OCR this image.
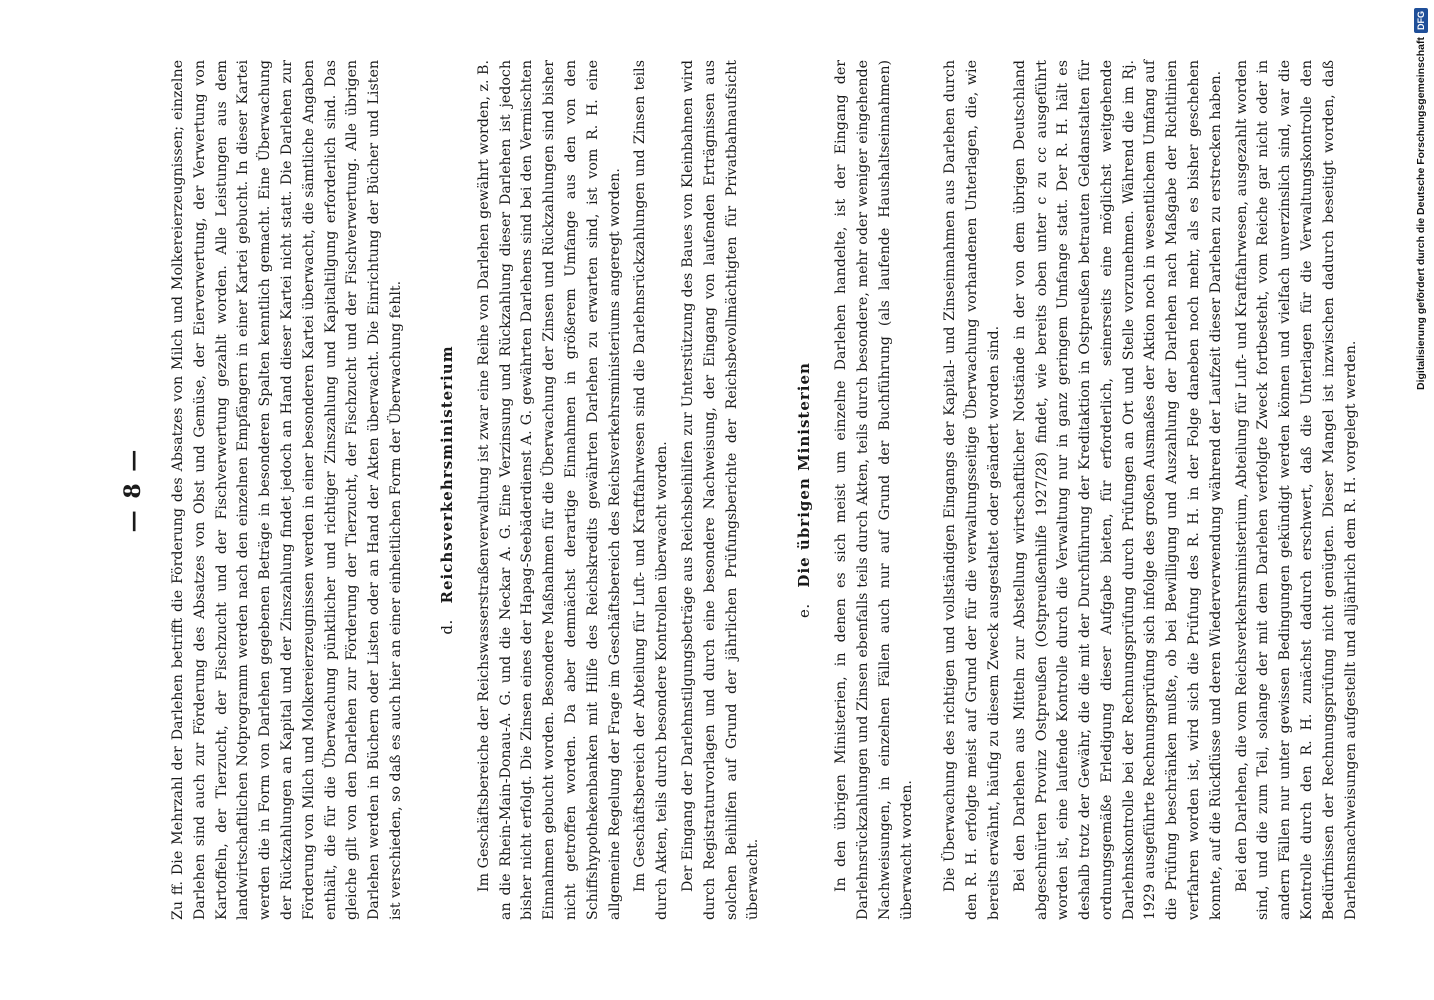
— 8 — Zu ff. Die Mehrzahl der Darlehen betrifft die Förderung des Absatzes von Milch und Molkereierzeugnissen; einzelne Darlehen sind auch zur Förderung des Absatzes von Obst und Gemüse, der Eierverwertung, der Verwertung von Kartoffeln, der Tierzucht, der Fischzucht und der Fischverwertung gezahlt worden. Alle Leistungen aus dem landwirtschaftlichen Notprogramm werden nach den einzelnen Empfängern in einer Kartei gebucht. In dieser Kartei werden die in Form von Darlehen gegebenen Beträge in besonderen Spalten kenntlich gemacht. Eine Überwachung der Rückzahlungen an Kapital und der Zinszahlung findet jedoch an Hand dieser Kartei nicht statt. Die Darlehen zur Förderung von Milch und Molkereierzeugnissen werden in einer besonderen Kartei überwacht, die sämtliche Angaben enthält, die für die Überwachung pünktlicher und richtiger Zinszahlung und Kapitaltilgung erforderlich sind. Das gleiche gilt von den Darlehen zur Förderung der Tierzucht, der Fischzucht und der Fischverwertung. Alle übrigen Darlehen werden in Büchern oder Listen oder an Hand der Akten überwacht. Die Einrichtung der Bücher und Listen ist verschieden, so daß es auch hier an einer einheitlichen Form der Überwachung fehlt. d. Reichsverkehrsministerium Im Geschäftsbereiche der Reichswasserstraßenverwaltung ist zwar eine Reihe von Darlehen gewährt worden, z. B. an die Rhein-Main-Donau-A. G. und die Neckar A. G. Eine Verzinsung und Rückzahlung dieser Darlehen ist jedoch bisher nicht erfolgt. Die Zinsen eines der Hapag-Seebäderdienst A. G. gewährten Darlehens sind bei den Vermischten Einnahmen gebucht worden. Besondere Maßnahmen für die Überwachung der Zinsen und Rückzahlungen sind bisher nicht getroffen worden. Da aber demnächst derartige Einnahmen in größerem Umfange aus den von den Schiffshypothekenbanken mit Hilfe des Reichskredits gewährten Darlehen zu erwarten sind, ist vom R. H. eine allgemeine Regelung der Frage im Geschäftsbereich des Reichsverkehrsministeriums angeregt worden. Im Geschäftsbereich der Abteilung für Luft- und Kraftfahrwesen sind die Darlehnsrückzahlungen und Zinsen teils durch Akten, teils durch besondere Kontrollen überwacht worden. Der Eingang der Darlehnstilgungsbeträge aus Reichsbeihilfen zur Unterstützung des Baues von Kleinbahnen wird durch Registraturvorlagen und durch eine besondere Nachweisung, der Eingang von laufenden Erträgnissen aus solchen Beihilfen auf Grund der jährlichen Prüfungsberichte der Reichsbevollmächtigten für Privatbahnaufsicht überwacht.

e. Die übrigen Ministerien In den übrigen Ministerien, in denen es sich meist um einzelne Darlehen handelte, ist der Eingang der Darlehnsrückzahlungen und Zinsen ebenfalls teils durch Akten, teils durch besondere, mehr oder weniger eingehende Nachweisungen, in einzelnen Fällen auch nur auf Grund der Buchführung (als laufende Haushaltseinnahmen) überwacht worden. Die Überwachung des richtigen und vollständigen Eingangs der Kapital- und Zinseinnahmen aus Darlehen durch den R. H. erfolgte meist auf Grund der für die verwaltungsseitige Überwachung vorhandenen Unterlagen, die, wie bereits erwähnt, häufig zu diesem Zweck ausgestaltet oder geändert worden sind. Bei den Darlehen aus Mitteln zur Abstellung wirtschaftlicher Notstände in der von dem übrigen Deutschland abgeschnürten Provinz Ostpreußen (Ostpreußenhilfe 1927/28) findet, wie bereits oben unter c zu cc ausgeführt worden ist, eine laufende Kontrolle durch die Verwaltung nur in ganz geringem Umfange statt. Der R. H. hält es deshalb trotz der Gewähr, die die mit der Durchführung der Kreditaktion in Ostpreußen betrauten Geldanstalten für ordnungsgemäße Erledigung dieser Aufgabe bieten, für erforderlich, seinerseits eine möglichst weitgehende Darlehnskontrolle bei der Rechnungsprüfung durch Prüfungen an Ort und Stelle vorzunehmen. Während die im Rj. 1929 ausgeführte Rechnungsprüfung sich infolge des großen Ausmaßes der Aktion noch in wesentlichem Umfang auf die Prüfung beschränken mußte, ob bei Bewilligung und Auszahlung der Darlehen nach Maßgabe der Richtlinien verfahren worden ist, wird sich die Prüfung des R. H. in der Folge daneben noch mehr, als es bisher geschehen konnte, auf die Rückflüsse und deren Wiederverwendung während der Laufzeit dieser Darlehen zu erstrecken haben. Bei den Darlehen, die vom Reichsverkehrsministerium, Abteilung für Luft- und Kraftfahrwesen, ausgezahlt worden sind, und die zum Teil, solange der mit dem Darlehen verfolgte Zweck fortbesteht, vom Reiche gar nicht oder in andern Fällen nur unter gewissen Bedingungen gekündigt werden können und vielfach unverzinslich sind, war die Kontrolle durch den R. H. zunächst dadurch erschwert, daß die Unterlagen für die Verwaltungskontrolle den Bedürfnissen der Rechnungsprüfung nicht genügten. Dieser Mangel ist inzwischen dadurch beseitigt worden, daß Darlehnsnachweisungen aufgestellt und alljährlich dem R. H. vorgelegt werden.

Digitalisierung gefördert durch die Deutsche Forschungsgemeinschaft
DFG
